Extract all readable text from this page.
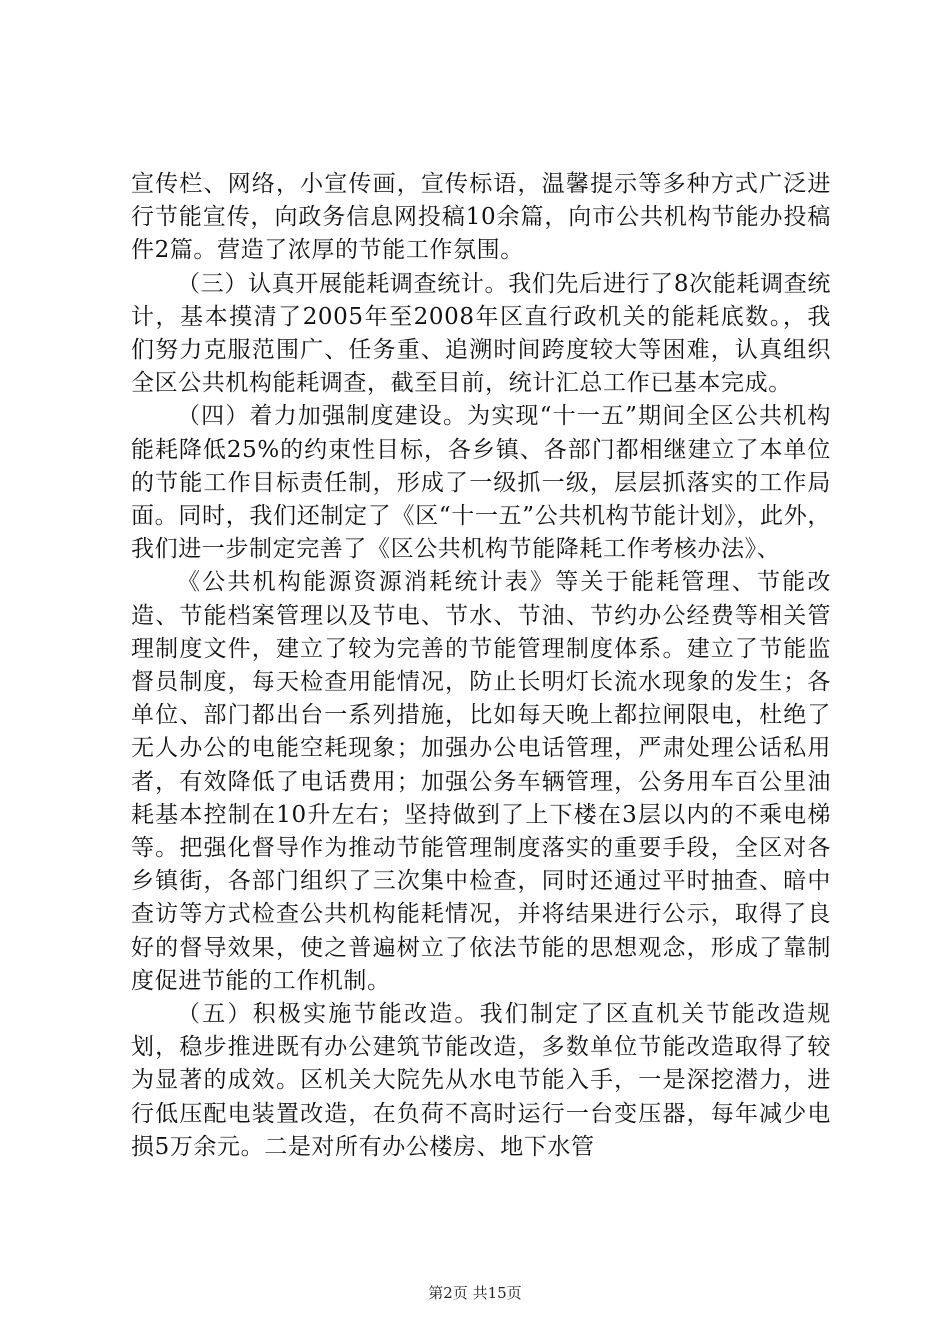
宣传栏、网络，小宣传画，宣传标语，温馨提示等多种方式广泛进行节能宣传，向政务信息网投稿10余篇，向市公共机构节能办投稿件2篇。营造了浓厚的节能工作氛围。

（三）认真开展能耗调查统计。我们先后进行了8次能耗调查统计，基本摸清了2005年至2008年区直行政机关的能耗底数。，我们努力克服范围广、任务重、追溯时间跨度较大等困难，认真组织全区公共机构能耗调查，截至目前，统计汇总工作已基本完成。

（四）着力加强制度建设。为实现“十一五”期间全区公共机构能耗降低25%的约束性目标，各乡镇、各部门都相继建立了本单位的节能工作目标责任制，形成了一级抓一级，层层抓落实的工作局面。同时，我们还制定了《区“十一五”公共机构节能计划》，此外，我们进一步制定完善了《区公共机构节能降耗工作考核办法》、

《公共机构能源资源消耗统计表》等关于能耗管理、节能改造、节能档案管理以及节电、节水、节油、节约办公经费等相关管理制度文件，建立了较为完善的节能管理制度体系。建立了节能监督员制度，每天检查用能情况，防止长明灯长流水现象的发生；各单位、部门都出台一系列措施，比如每天晚上都拉闸限电，杜绝了无人办公的电能空耗现象；加强办公电话管理，严肃处理公话私用者，有效降低了电话费用；加强公务车辆管理，公务用车百公里油耗基本控制在10升左右；坚持做到了上下楼在3层以内的不乘电梯等。把强化督导作为推动节能管理制度落实的重要手段，全区对各乡镇街，各部门组织了三次集中检查，同时还通过平时抽查、暗中查访等方式检查公共机构能耗情况，并将结果进行公示，取得了良好的督导效果，使之普遍树立了依法节能的思想观念，形成了靠制度促进节能的工作机制。

（五）积极实施节能改造。我们制定了区直机关节能改造规划，稳步推进既有办公建筑节能改造，多数单位节能改造取得了较为显著的成效。区机关大院先从水电节能入手，一是深挖潜力，进行低压配电装置改造，在负荷不高时运行一台变压器，每年减少电损5万余元。二是对所有办公楼房、地下水管

第2页 共15页
